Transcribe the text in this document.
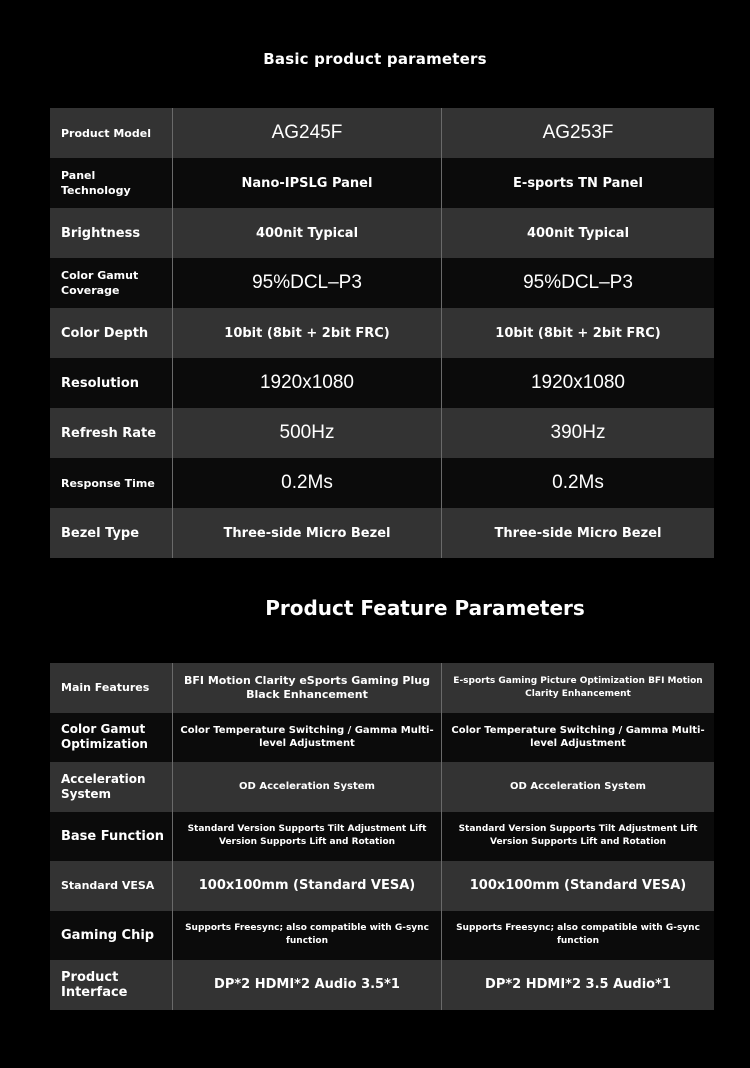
Basic product parameters
Product Model	AG245F	AG253F
Panel Technology	Nano-IPSLG Panel	E-sports TN Panel
Brightness	400nit Typical	400nit Typical
Color Gamut Coverage	95%DCL–P3	95%DCL–P3
Color Depth	10bit (8bit + 2bit FRC)	10bit (8bit + 2bit FRC)
Resolution	1920x1080	1920x1080
Refresh Rate	500Hz	390Hz
Response Time	0.2Ms	0.2Ms
Bezel Type	Three-side Micro Bezel	Three-side Micro Bezel
Product Feature Parameters
Main Features	BFI Motion Clarity eSports Gaming Plug Black Enhancement	E-sports Gaming Picture Optimization BFI Motion Clarity Enhancement
Color Gamut Optimization	Color Temperature Switching / Gamma Multi-level Adjustment	Color Temperature Switching / Gamma Multi-level Adjustment
Acceleration System	OD Acceleration System	OD Acceleration System
Base Function	Standard Version Supports Tilt Adjustment Lift Version Supports Lift and Rotation	Standard Version Supports Tilt Adjustment Lift Version Supports Lift and Rotation
Standard VESA	100x100mm (Standard VESA)	100x100mm (Standard VESA)
Gaming Chip	Supports Freesync; also compatible with G-sync function	Supports Freesync; also compatible with G-sync function
Product Interface	DP*2 HDMI*2 Audio 3.5*1	DP*2 HDMI*2 3.5 Audio*1
